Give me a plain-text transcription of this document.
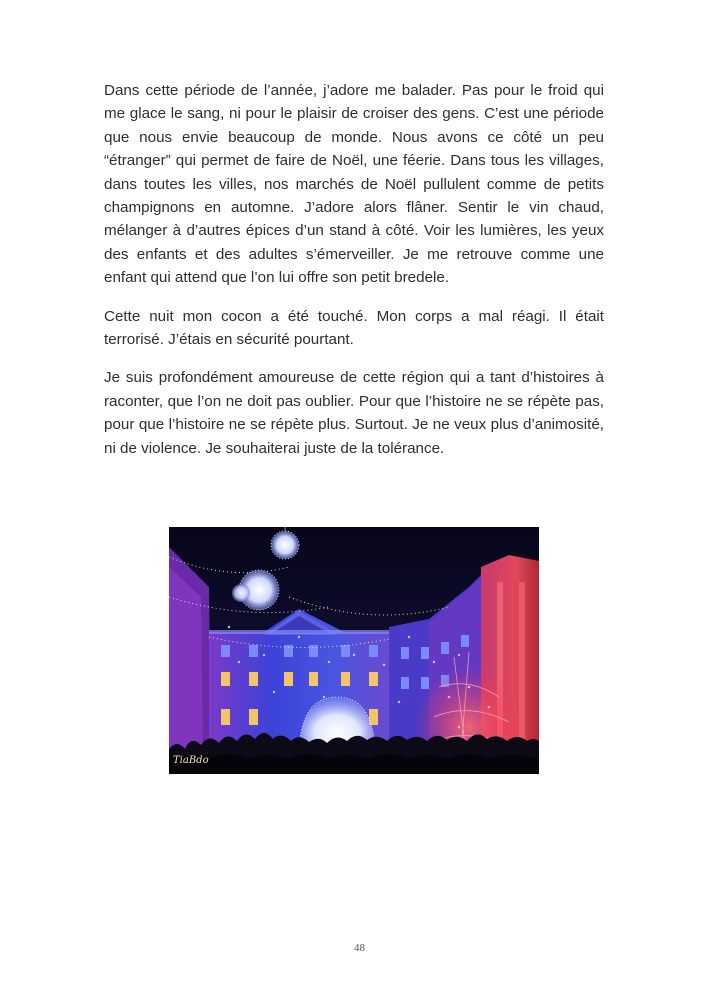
Dans cette période de l’année, j’adore me balader. Pas pour le froid qui me glace le sang, ni pour le plaisir de croiser des gens. C’est une période que nous envie beaucoup de monde. Nous avons ce côté un peu “étranger” qui permet de faire de Noël, une féerie. Dans tous les villages, dans toutes les villes, nos marchés de Noël pullulent comme de petits champignons en automne. J’adore alors flâner. Sentir le vin chaud, mélanger à d’autres épices d’un stand à côté. Voir les lumières, les yeux des enfants et des adultes s’émerveiller. Je me retrouve comme une enfant qui attend que l’on lui offre son petit bredele.

Cette nuit mon cocon a été touché. Mon corps a mal réagi. Il était terrorisé. J’étais en sécurité pourtant.

Je suis profondément amoureuse de cette région qui a tant d’histoires à raconter, que l’on ne doit pas oublier. Pour que l’histoire ne se répète pas, pour que l’histoire ne se répète plus. Surtout. Je ne veux plus d’animosité, ni de violence. Je souhaiterai juste de la tolérance.

TiaBdo
48
